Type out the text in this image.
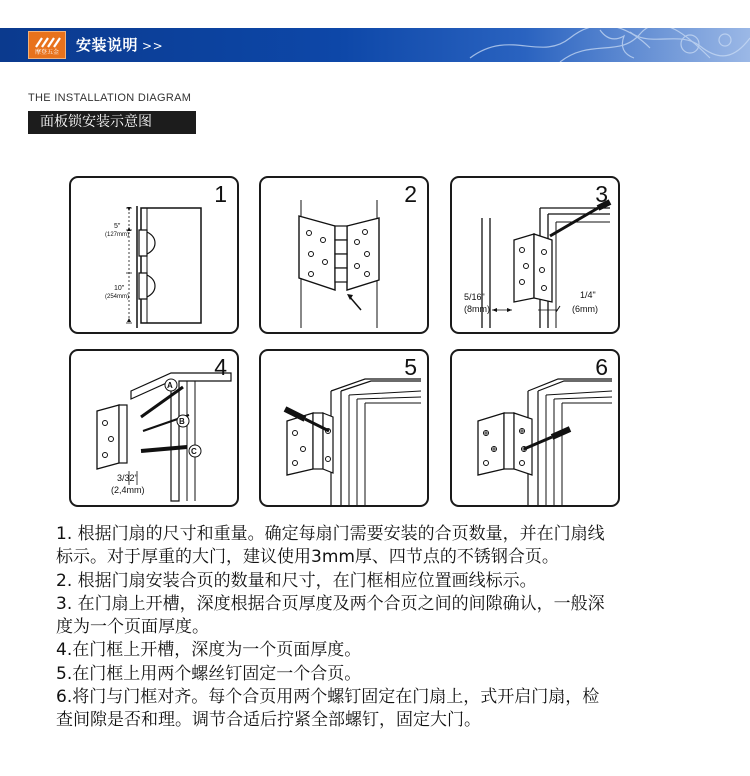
摩登五金	安装说明 >>
THE INSTALLATION DIAGRAM
面板锁安装示意图
5"
(127mm)
10"
(254mm)
1	2
5/16"
(8mm)
1/4"
(6mm)
3
A
B
C
3/32"
(2,4mm)
4	5	6

1. 根据门扇的尺寸和重量。确定每扇门需要安装的合页数量，并在门扇线

标示。对于厚重的大门，建议使用3mm厚、四节点的不锈钢合页。

2. 根据门扇安装合页的数量和尺寸，在门框相应位置画线标示。

3. 在门扇上开槽，深度根据合页厚度及两个合页之间的间隙确认，一般深

度为一个页面厚度。

4.在门框上开槽，深度为一个页面厚度。

5.在门框上用两个螺丝钉固定一个合页。

6.将门与门框对齐。每个合页用两个螺钉固定在门扇上，式开启门扇，检

查间隙是否和理。调节合适后拧紧全部螺钉，固定大门。
